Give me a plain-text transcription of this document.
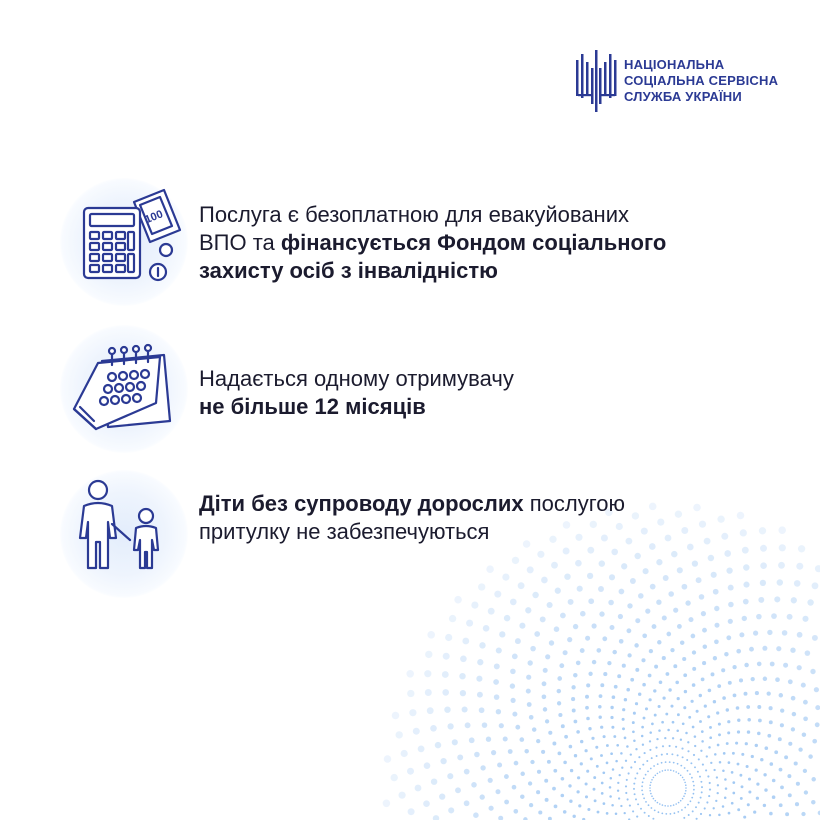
НАЦІОНАЛЬНА
СОЦІАЛЬНА СЕРВІСНА
СЛУЖБА УКРАЇНИ
100 Послуга є безоплатною для евакуйованих ВПО та фінансується Фондом соціального захисту осіб з інвалідністю
Надається одному отримувачу
не більше 12 місяців
Діти без супроводу дорослих послугою притулку не забезпечуються
